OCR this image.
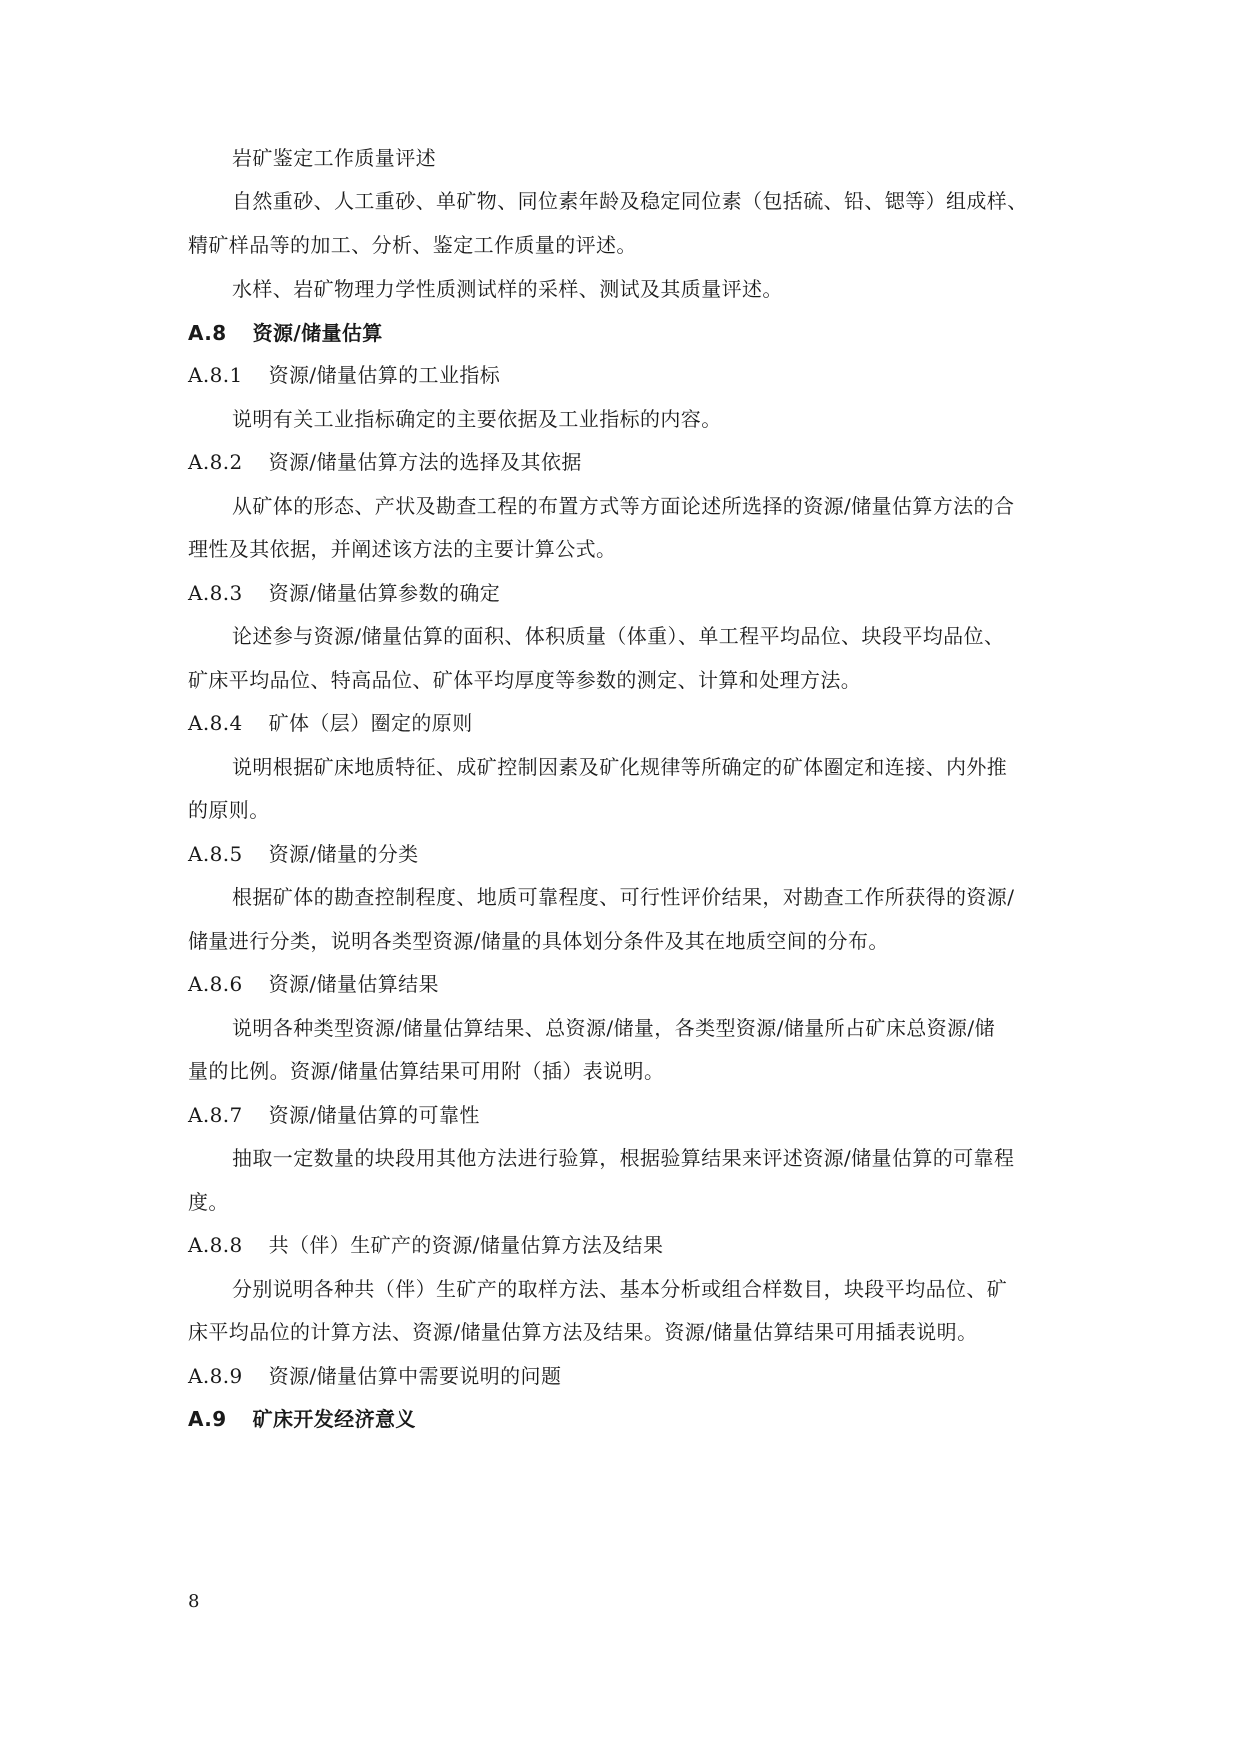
岩矿鉴定工作质量评述
自然重砂、人工重砂、单矿物、同位素年龄及稳定同位素（包括硫、铅、锶等）组成样、
精矿样品等的加工、分析、鉴定工作质量的评述。
水样、岩矿物理力学性质测试样的采样、测试及其质量评述。
A.8 资源/储量估算
A.8.1 资源/储量估算的工业指标
说明有关工业指标确定的主要依据及工业指标的内容。
A.8.2 资源/储量估算方法的选择及其依据
从矿体的形态、产状及勘查工程的布置方式等方面论述所选择的资源/储量估算方法的合
理性及其依据，并阐述该方法的主要计算公式。
A.8.3 资源/储量估算参数的确定
论述参与资源/储量估算的面积、体积质量（体重）、单工程平均品位、块段平均品位、
矿床平均品位、特高品位、矿体平均厚度等参数的测定、计算和处理方法。
A.8.4 矿体（层）圈定的原则
说明根据矿床地质特征、成矿控制因素及矿化规律等所确定的矿体圈定和连接、内外推
的原则。
A.8.5 资源/储量的分类
根据矿体的勘查控制程度、地质可靠程度、可行性评价结果，对勘查工作所获得的资源/
储量进行分类，说明各类型资源/储量的具体划分条件及其在地质空间的分布。
A.8.6 资源/储量估算结果
说明各种类型资源/储量估算结果、总资源/储量，各类型资源/储量所占矿床总资源/储
量的比例。资源/储量估算结果可用附（插）表说明。
A.8.7 资源/储量估算的可靠性
抽取一定数量的块段用其他方法进行验算，根据验算结果来评述资源/储量估算的可靠程
度。
A.8.8 共（伴）生矿产的资源/储量估算方法及结果
分别说明各种共（伴）生矿产的取样方法、基本分析或组合样数目，块段平均品位、矿
床平均品位的计算方法、资源/储量估算方法及结果。资源/储量估算结果可用插表说明。
A.8.9 资源/储量估算中需要说明的问题
A.9 矿床开发经济意义
8
